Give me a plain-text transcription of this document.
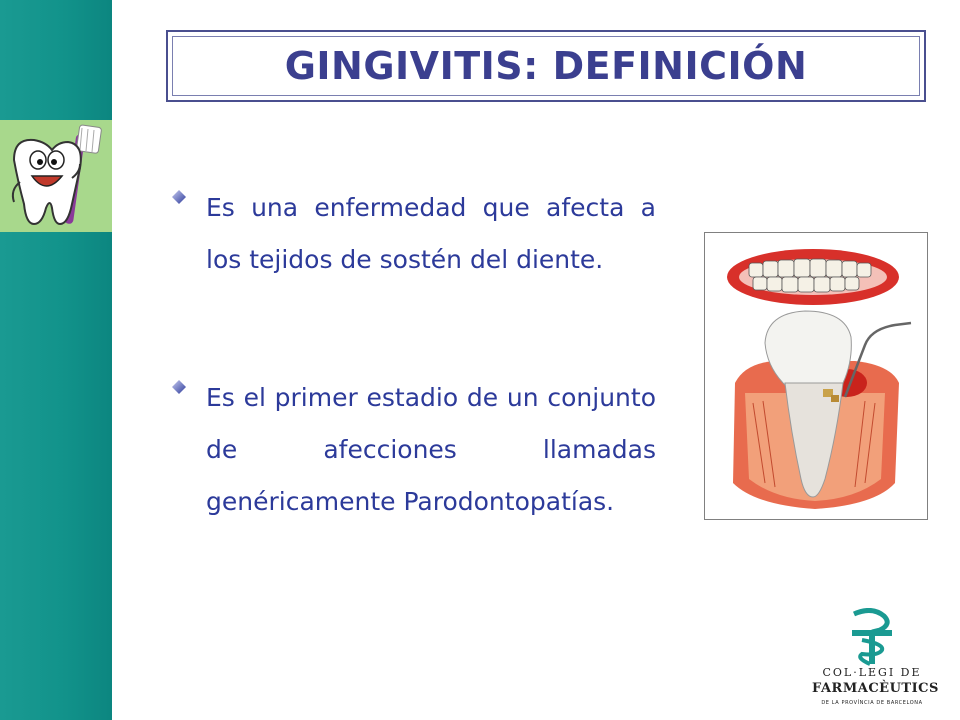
GINGIVITIS: DEFINICIÓN
Es una enfermedad que afecta a los tejidos de sostén del diente.
Es el primer estadio de un conjunto de afecciones llamadas genéricamente Parodontopatías.
COL·LEGI DE
FARMACÈUTICS
DE LA PROVÍNCIA DE BARCELONA
